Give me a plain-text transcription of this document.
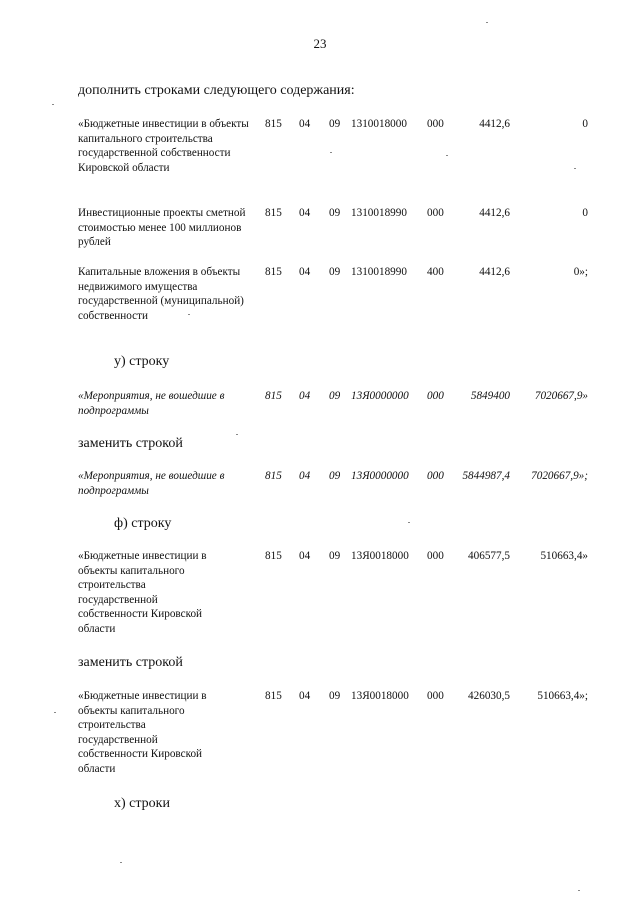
23
дополнить строками следующего содержания:
«Бюджетные инвестиции в объекты капитального строительства государственной собственности Кировской области
815 04 09 1310018000 000	4412,6	0
Инвестиционные проекты сметной стоимостью менее 100 миллионов рублей
815 04 09 1310018990 000	4412,6	0
Капитальные вложения в объекты недвижимого имущества государственной (муниципальной) собственности
815 04 09 1310018990 400	4412,6	0»;
у) строку
«Мероприятия, не вошедшие в подпрограммы
815 04 09 13Я0000000 000 5849400 7020667,9»
заменить строкой
«Мероприятия, не вошедшие в подпрограммы
815 04 09 13Я0000000 000 5844987,4 7020667,9»;
ф) строку
«Бюджетные инвестиции в объекты капитального строительства государственной собственности Кировской области
815 04 09 13Я0018000 000 406577,5	510663,4»
заменить строкой
«Бюджетные инвестиции в объекты капитального строительства государственной собственности Кировской области
815 04 09 13Я0018000 000 426030,5 510663,4»;
х) строки
